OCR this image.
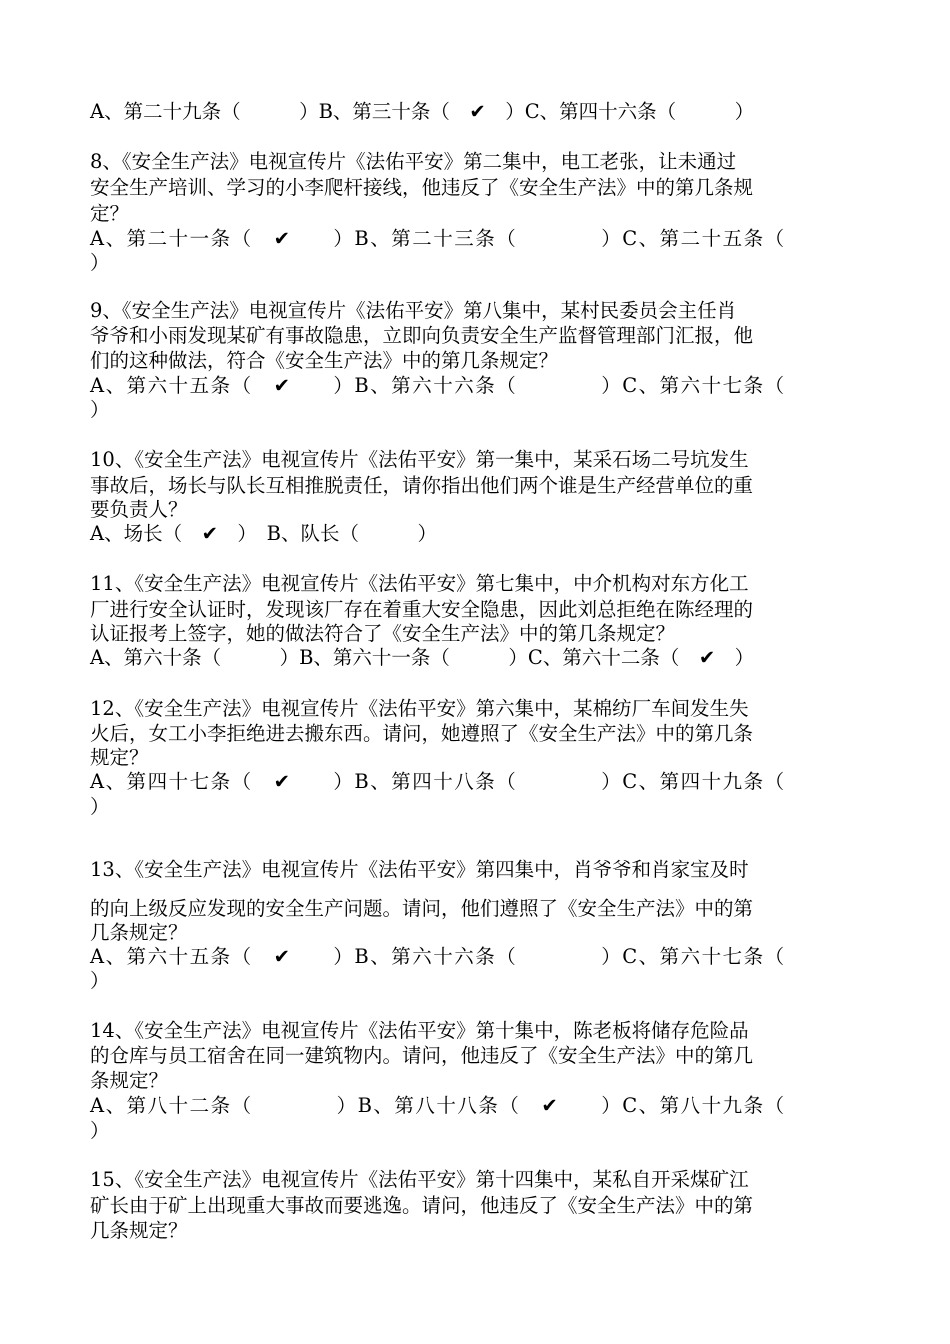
A、第二十九条（　　　）B、第三十条（　✔　）C、第四十六条（　　　）
8、《安全生产法》电视宣传片《法佑平安》第二集中，电工老张，让未通过
安全生产培训、学习的小李爬杆接线，他违反了《安全生产法》中的第几条规
定？
A、第二十一条（　✔　　）B、第二十三条（　　　　）C、第二十五条（
）
9、《安全生产法》电视宣传片《法佑平安》第八集中，某村民委员会主任肖
爷爷和小雨发现某矿有事故隐患，立即向负责安全生产监督管理部门汇报，他
们的这种做法，符合《安全生产法》中的第几条规定？
A、第六十五条（　✔　　）B、第六十六条（　　　　）C、第六十七条（
）
10、《安全生产法》电视宣传片《法佑平安》第一集中，某采石场二号坑发生
事故后，场长与队长互相推脱责任，请你指出他们两个谁是生产经营单位的重
要负责人？
A、场长（　✔　）　B、队长（　　　）
11、《安全生产法》电视宣传片《法佑平安》第七集中，中介机构对东方化工
厂进行安全认证时，发现该厂存在着重大安全隐患，因此刘总拒绝在陈经理的
认证报考上签字，她的做法符合了《安全生产法》中的第几条规定？
A、第六十条（　　　）B、第六十一条（　　　）C、第六十二条（　✔　）
12、《安全生产法》电视宣传片《法佑平安》第六集中，某棉纺厂车间发生失
火后，女工小李拒绝进去搬东西。请问，她遵照了《安全生产法》中的第几条
规定？
A、第四十七条（　✔　　）B、第四十八条（　　　　）C、第四十九条（
）
13、《安全生产法》电视宣传片《法佑平安》第四集中，肖爷爷和肖家宝及时
的向上级反应发现的安全生产问题。请问，他们遵照了《安全生产法》中的第
几条规定？
A、第六十五条（　✔　　）B、第六十六条（　　　　）C、第六十七条（
）
14、《安全生产法》电视宣传片《法佑平安》第十集中，陈老板将储存危险品
的仓库与员工宿舍在同一建筑物内。请问，他违反了《安全生产法》中的第几
条规定？
A、第八十二条（　　　　）B、第八十八条（　✔　　）C、第八十九条（
）
15、《安全生产法》电视宣传片《法佑平安》第十四集中，某私自开采煤矿江
矿长由于矿上出现重大事故而要逃逸。请问，他违反了《安全生产法》中的第
几条规定？
